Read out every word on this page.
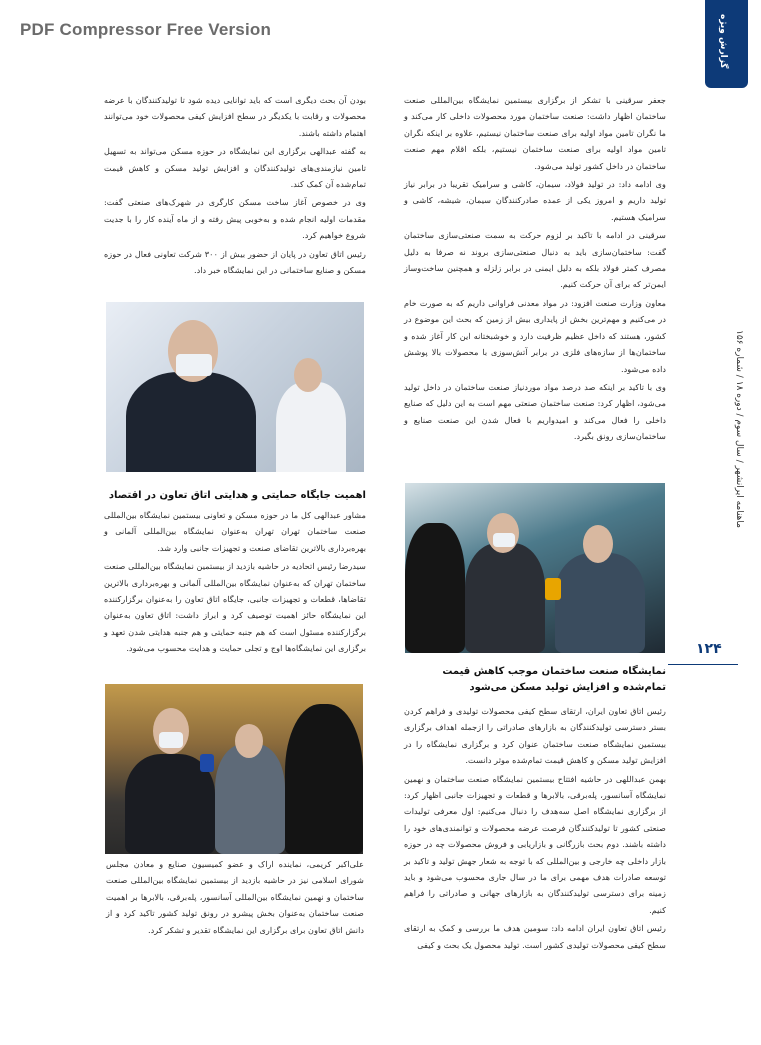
PDF Compressor Free Version	گزارش ویژه
ماهنامه ایرانشهر / سال سوم / دوره ۱۸ / شماره ۱۵۶
۱۲۴

جعفر سرقینی با تشکر از برگزاری بیستمین نمایشگاه بین‌المللی صنعت ساختمان اظهار داشت: صنعت ساختمان مورد محصولات داخلی کار می‌کند و ما نگران تامین مواد اولیه برای صنعت ساختمان نیستیم، علاوه بر اینکه نگران تامین مواد اولیه برای صنعت ساختمان نیستیم، بلکه اقلام مهم صنعت ساختمان در داخل کشور تولید می‌شود.

وی ادامه داد: در تولید فولاد، سیمان، کاشی و سرامیک تقریبا در برابر نیاز تولید داریم و امروز یکی از عمده صادرکنندگان سیمان، شیشه، کاشی و سرامیک هستیم.

سرقینی در ادامه با تاکید بر لزوم حرکت به سمت صنعتی‌سازی ساختمان گفت: ساختمان‌سازی باید به دنبال صنعتی‌سازی بروند نه صرفا به دلیل مصرف کمتر فولاد بلکه به دلیل ایمنی در برابر زلزله و همچنین ساخت‌وساز ایمن‌تر که برای آن حرکت کنیم.

معاون وزارت صنعت افزود: در مواد معدنی فراوانی داریم که به صورت خام در می‌کنیم و مهم‌ترین بخش از پایداری بیش از زمین که بحث این موضوع در کشور، هستند که داخل عظیم ظرفیت دارد و خوشبختانه این کار آغاز شده و ساختمان‌ها از سازه‌های فلزی در برابر آتش‌سوزی با محصولات بالا پوشش داده می‌شود.

وی با تاکید بر اینکه صد درصد مواد موردنیاز صنعت ساختمان در داخل تولید می‌شود، اظهار کرد: صنعت ساختمان صنعتی مهم است به این دلیل که صنایع داخلی را فعال می‌کند و امیدواریم با فعال شدن این صنعت صنایع و ساختمان‌سازی رونق بگیرد.

بودن آن بحث دیگری است که باید توانایی دیده شود تا تولیدکنندگان با عرضه محصولات و رقابت با یکدیگر در سطح افزایش کیفی محصولات خود می‌توانند اهتمام داشته باشند.

به گفته عبدالهی برگزاری این نمایشگاه در حوزه مسکن می‌تواند به تسهیل تامین نیازمندی‌های تولیدکنندگان و افزایش تولید مسکن و کاهش قیمت تمام‌شده آن کمک کند.

وی در خصوص آغاز ساخت مسکن کارگری در شهرک‌های صنعتی گفت: مقدمات اولیه انجام شده و به‌خوبی پیش رفته و از ماه آینده کار را با جدیت شروع خواهیم کرد.

رئیس اتاق تعاون در پایان از حضور بیش از ۳۰۰ شرکت تعاونی فعال در حوزه مسکن و صنایع ساختمانی در این نمایشگاه خبر داد.

اهمیت جایگاه حمایتی و هدایتی اتاق تعاون در اقتصاد

مشاور عبدالهی کل ما در حوزه مسکن و تعاونی بیستمین نمایشگاه بین‌المللی صنعت ساختمان تهران تهران به‌عنوان نمایشگاه بین‌المللی آلمانی و بهره‌برداری بالاترین تقاضای صنعت و تجهیزات جانبی وارد شد.

سیدرضا رئیس اتحادیه در حاشیه بازدید از بیستمین نمایشگاه بین‌المللی صنعت ساختمان تهران که به‌عنوان نمایشگاه بین‌المللی آلمانی و بهره‌برداری بالاترین تقاضاها، قطعات و تجهیزات جانبی، جایگاه اتاق تعاون را به‌عنوان برگزارکننده این نمایشگاه حائز اهمیت توصیف کرد و ابراز داشت: اتاق تعاون به‌عنوان برگزارکننده مسئول است که هم جنبه حمایتی و هم جنبه هدایتی شدن تعهد و برگزاری این نمایشگاه‌ها اوج و تجلی حمایت و هدایت محسوب می‌شود.

نمایشگاه صنعت ساختمان موجب کاهش قیمت تمام‌شده و افزایش تولید مسکن می‌شود

رئیس اتاق تعاون ایران، ارتقای سطح کیفی محصولات تولیدی و فراهم کردن بستر دسترسی تولیدکنندگان به بازارهای صادراتی را ازجمله اهداف برگزاری بیستمین نمایشگاه صنعت ساختمان عنوان کرد و برگزاری نمایشگاه را در افزایش تولید مسکن و کاهش قیمت تمام‌شده موثر دانست.

بهمن عبداللهی در حاشیه افتتاح بیستمین نمایشگاه صنعت ساختمان و نهمین نمایشگاه آسانسور، پله‌برقی، بالابرها و قطعات و تجهیزات جانبی اظهار کرد: از برگزاری نمایشگاه اصل سه‌هدف را دنبال می‌کنیم: اول معرفی تولیدات صنعتی کشور تا تولیدکنندگان فرصت عرضه محصولات و توانمندی‌های خود را داشته باشند. دوم بحث بازرگانی و بازاریابی و فروش محصولات چه در حوزه بازار داخلی چه خارجی و بین‌المللی که با توجه به شعار جهش تولید و تاکید بر توسعه صادرات هدف مهمی برای ما در سال جاری محسوب می‌شود و باید زمینه برای دسترسی تولیدکنندگان به بازارهای جهانی و صادراتی را فراهم کنیم.

رئیس اتاق تعاون ایران ادامه داد: سومین هدف ما بررسی و کمک به ارتقای سطح کیفی محصولات تولیدی کشور است. تولید محصول یک بحث و کیفی

علی‌اکبر کریمی، نماینده اراک و عضو کمیسیون صنایع و معادن مجلس شورای اسلامی نیز در حاشیه بازدید از بیستمین نمایشگاه بین‌المللی صنعت ساختمان و نهمین نمایشگاه بین‌المللی آسانسور، پله‌برقی، بالابرها بر اهمیت صنعت ساختمان به‌عنوان بخش پیشرو در رونق تولید کشور تاکید کرد و از دانش اتاق تعاون برای برگزاری این نمایشگاه تقدیر و تشکر کرد.
